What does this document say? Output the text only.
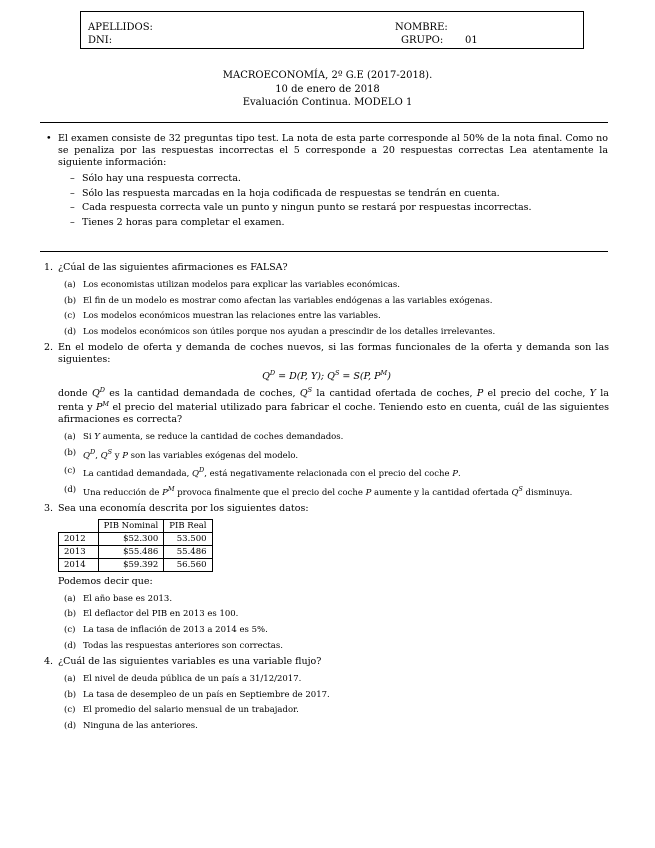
APELLIDOS:
DNI:
NOMBRE:
GRUPO: 01
MACROECONOMÍA, 2º G.E (2017-2018).
10 de enero de 2018
Evaluación Continua. MODELO 1
• El examen consiste de 32 preguntas tipo test. La nota de esta parte corresponde al 50% de la nota final. Como no se penaliza por las respuestas incorrectas el 5 corresponde a 20 respuestas correctas Lea atentamente la siguiente información:
– Sólo hay una respuesta correcta.
– Sólo las respuesta marcadas en la hoja codificada de respuestas se tendrán en cuenta.
– Cada respuesta correcta vale un punto y ningun punto se restará por respuestas incorrectas.
– Tienes 2 horas para completar el examen.
1. ¿Cúal de las siguientes afirmaciones es FALSA?
(a) Los economistas utilizan modelos para explicar las variables económicas.
(b) El fin de un modelo es mostrar como afectan las variables endógenas a las variables exógenas.
(c) Los modelos económicos muestran las relaciones entre las variables.
(d) Los modelos económicos son útiles porque nos ayudan a prescindir de los detalles irrelevantes.
2. En el modelo de oferta y demanda de coches nuevos, si las formas funcionales de la oferta y demanda son las siguientes:
$Q^D = D(P$, Y); $Q^S = S(P$, $P^M$)
donde $Q^D$ es la cantidad demandada de coches, $Q^S$ la cantidad ofertada de coches, P el precio del coche, Y la renta y $P^M$ el precio del material utilizado para fabricar el coche. Teniendo esto en cuenta, cuál de las siguientes afirmaciones es correcta?
(a) Si Y aumenta, se reduce la cantidad de coches demandados.
(b) $Q^D$, $Q^S$ y P son las variables exógenas del modelo.
(c) La cantidad demandada, $Q^D$, está negativamente relacionada con el precio del coche P.
(d) Una reducción de $P^M$ provoca finalmente que el precio del coche P aumente y la cantidad ofertada $Q^S$ disminuya.
3. Sea una economía descrita por los siguientes datos:
	PIB Nominal	PIB Real
2012	$52.300	53.500
2013	$55.486	55.486
2014	$59.392	56.560
Podemos decir que:
(a) El año base es 2013.
(b) El deflactor del PIB en 2013 es 100.
(c) La tasa de inflación de 2013 a 2014 es 5%.
(d) Todas las respuestas anteriores son correctas.
4. ¿Cuál de las siguientes variables es una variable flujo?
(a) El nivel de deuda pública de un país a 31/12/2017.
(b) La tasa de desempleo de un país en Septiembre de 2017.
(c) El promedio del salario mensual de un trabajador.
(d) Ninguna de las anteriores.
